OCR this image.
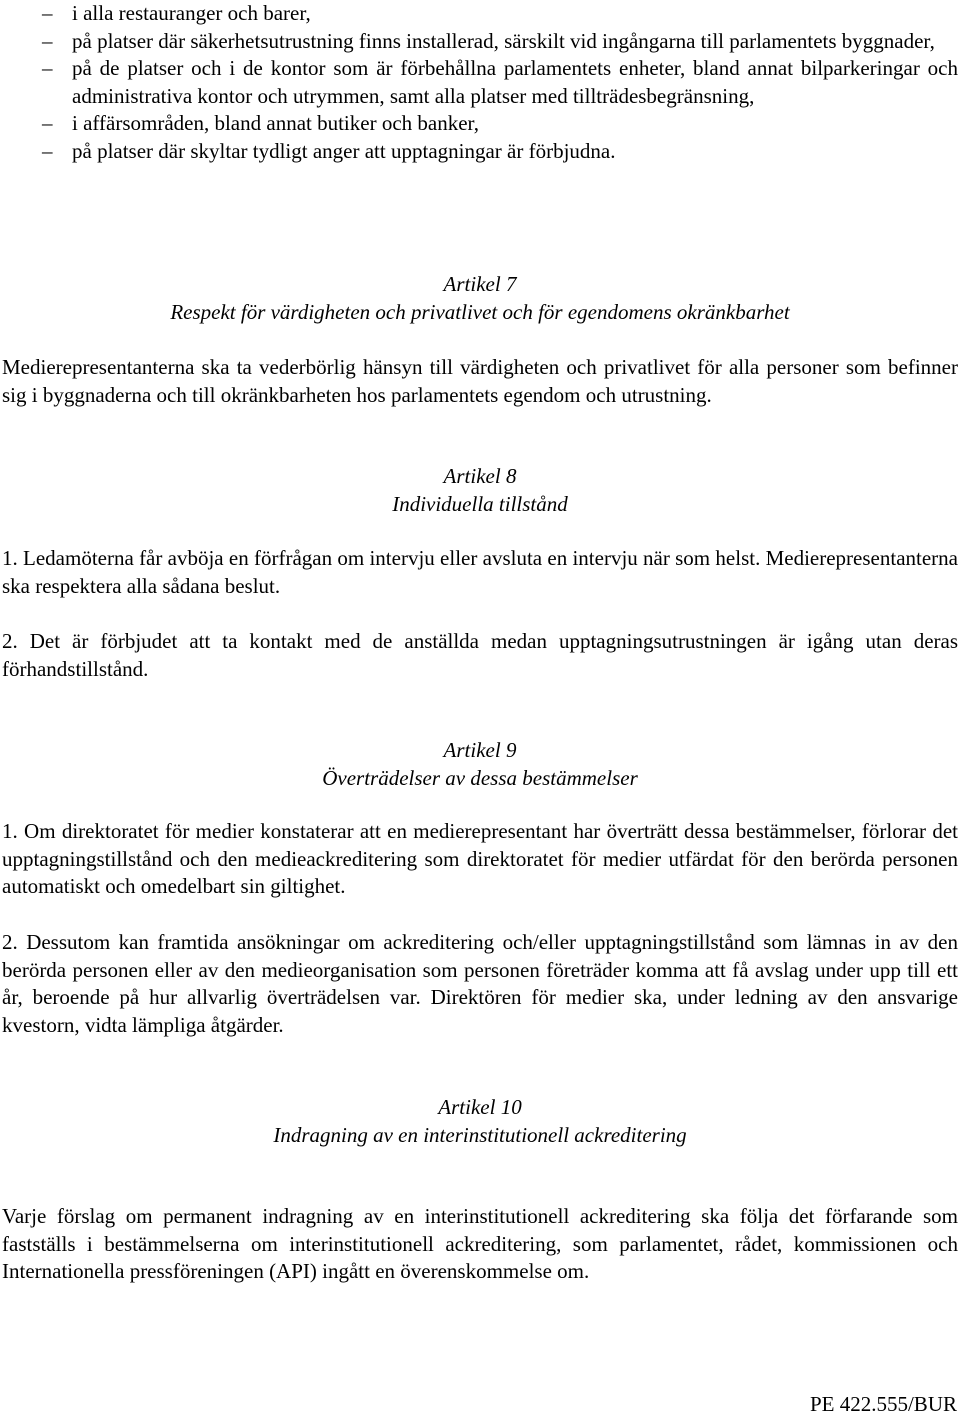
– i alla restauranger och barer,
– på platser där säkerhetsutrustning finns installerad, särskilt vid ingångarna till parlamentets byggnader,
– på de platser och i de kontor som är förbehållna parlamentets enheter, bland annat bilparkeringar och administrativa kontor och utrymmen, samt alla platser med tillträdesbegränsning,
– i affärsområden, bland annat butiker och banker,
– på platser där skyltar tydligt anger att upptagningar är förbjudna.
Artikel 7
Respekt för värdigheten och privatlivet och för egendomens okränkbarhet

Medierepresentanterna ska ta vederbörlig hänsyn till värdigheten och privatlivet för alla personer som befinner sig i byggnaderna och till okränkbarheten hos parlamentets egendom och utrustning.

Artikel 8
Individuella tillstånd

1. Ledamöterna får avböja en förfrågan om intervju eller avsluta en intervju när som helst. Medierepresentanterna ska respektera alla sådana beslut.

2. Det är förbjudet att ta kontakt med de anställda medan upptagningsutrustningen är igång utan deras förhandstillstånd.

Artikel 9
Överträdelser av dessa bestämmelser

1. Om direktoratet för medier konstaterar att en medierepresentant har överträtt dessa bestämmelser, förlorar det upptagningstillstånd och den medieackreditering som direktoratet för medier utfärdat för den berörda personen automatiskt och omedelbart sin giltighet.

2. Dessutom kan framtida ansökningar om ackreditering och/eller upptagningstillstånd som lämnas in av den berörda personen eller av den medieorganisation som personen företräder komma att få avslag under upp till ett år, beroende på hur allvarlig överträdelsen var. Direktören för medier ska, under ledning av den ansvarige kvestorn, vidta lämpliga åtgärder.

Artikel 10
Indragning av en interinstitutionell ackreditering

Varje förslag om permanent indragning av en interinstitutionell ackreditering ska följa det förfarande som fastställs i bestämmelserna om interinstitutionell ackreditering, som parlamentet, rådet, kommissionen och Internationella pressföreningen (API) ingått en överenskommelse om.

PE 422.555/BUR
